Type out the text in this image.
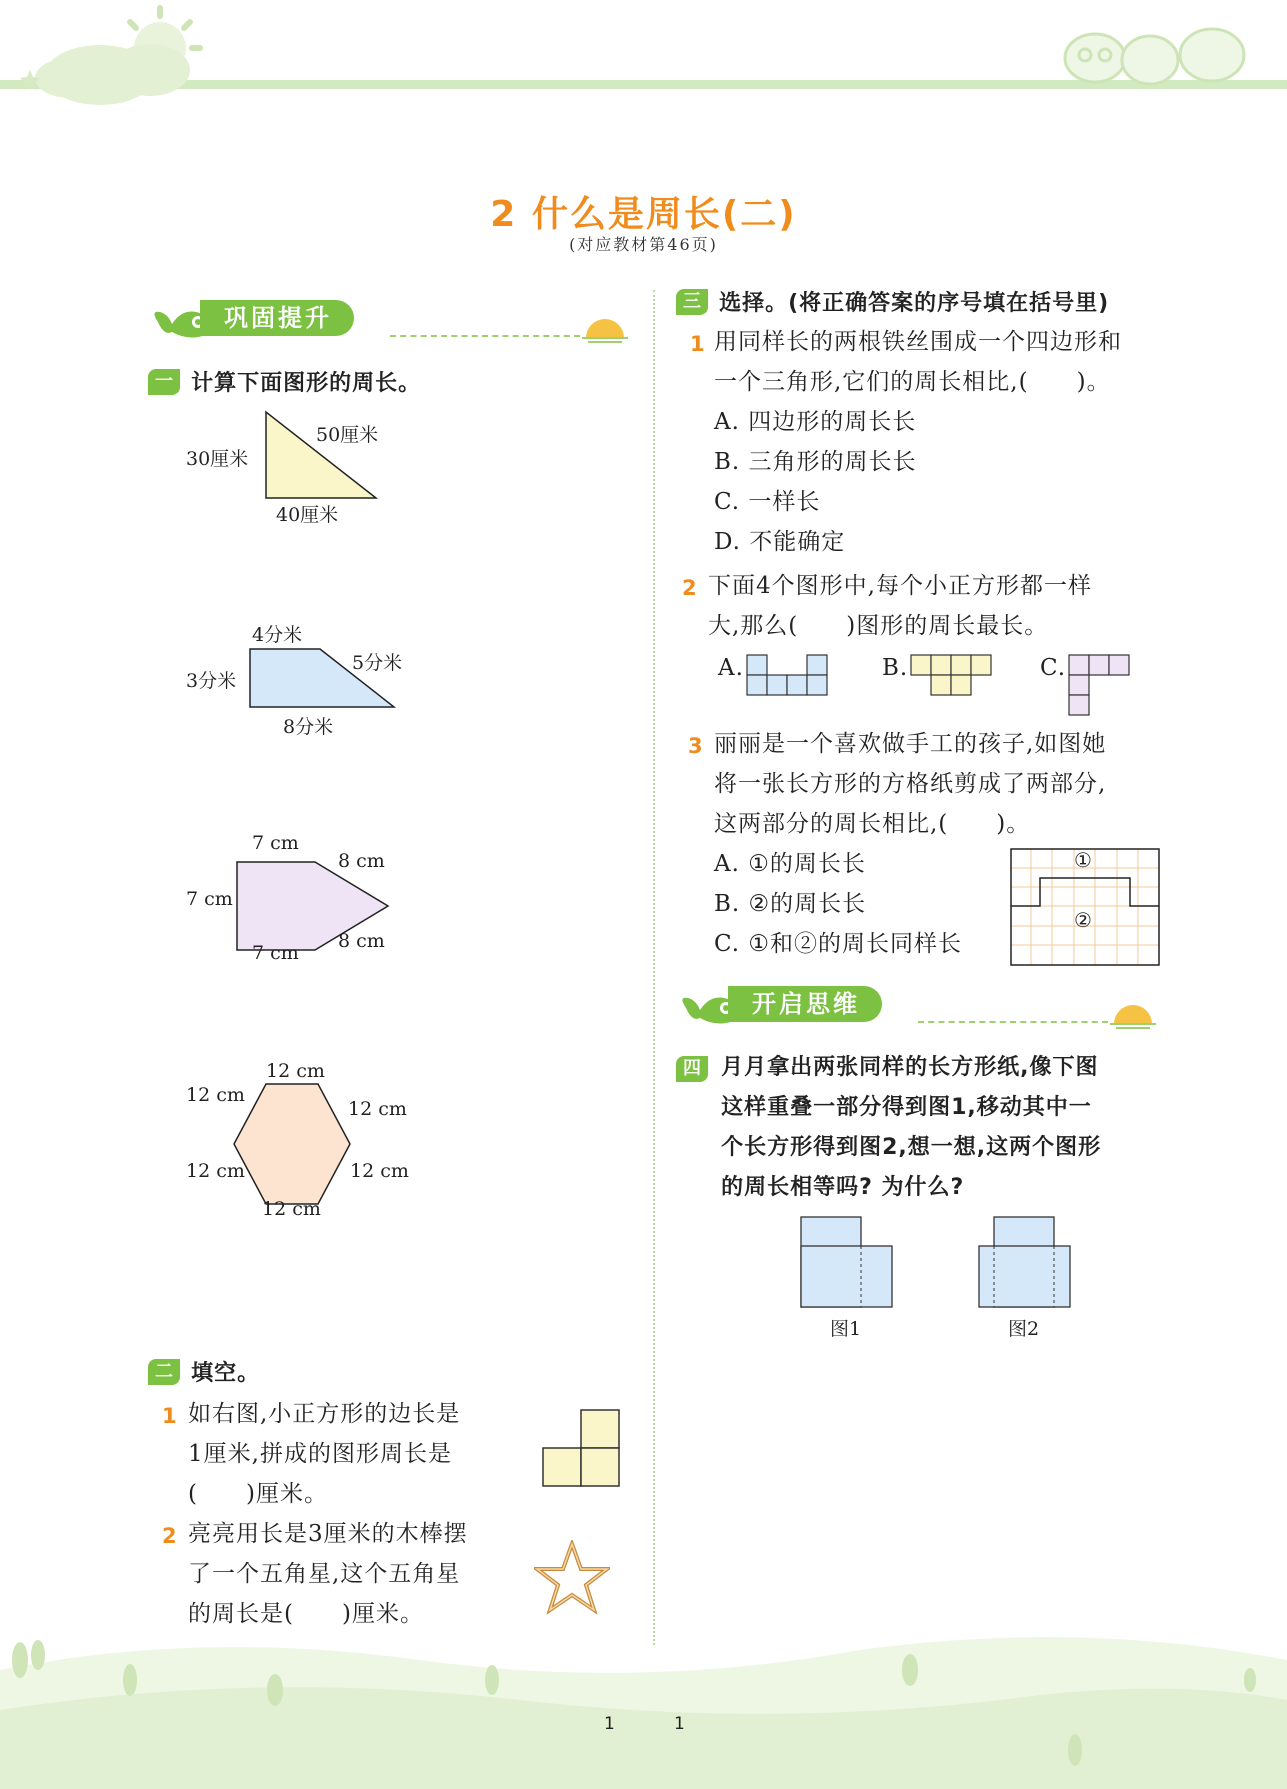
2 什么是周长(二)
(对应教材第46页)
巩固提升
一 计算下面图形的周长。
30厘米
50厘米
40厘米
4分米
3分米
5分米
8分米
7 cm
7 cm
8 cm
8 cm
7 cm
12 cm
12 cm
12 cm
12 cm	12 cm
12 cm
二 填空。
1 如右图,小正方形的边长是
1厘米,拼成的图形周长是
(　　)厘米。
2 亮亮用长是3厘米的木棒摆
了一个五角星,这个五角星
的周长是(　　)厘米。
三 选择。(将正确答案的序号填在括号里)
1 用同样长的两根铁丝围成一个四边形和
一个三角形,它们的周长相比,(　　)。
A. 四边形的周长长
B. 三角形的周长长
C. 一样长
D. 不能确定
2 下面4个图形中,每个小正方形都一样
大,那么(　　)图形的周长最长。
A.	B.	C.
3 丽丽是一个喜欢做手工的孩子,如图她
将一张长方形的方格纸剪成了两部分,
这两部分的周长相比,(　　)。
A. ①的周长长
B. ②的周长长
C. ①和②的周长同样长
①
②
开启思维
四 月月拿出两张同样的长方形纸,像下图
这样重叠一部分得到图1,移动其中一
个长方形得到图2,想一想,这两个图形
的周长相等吗? 为什么?
图1	图2
1	1
